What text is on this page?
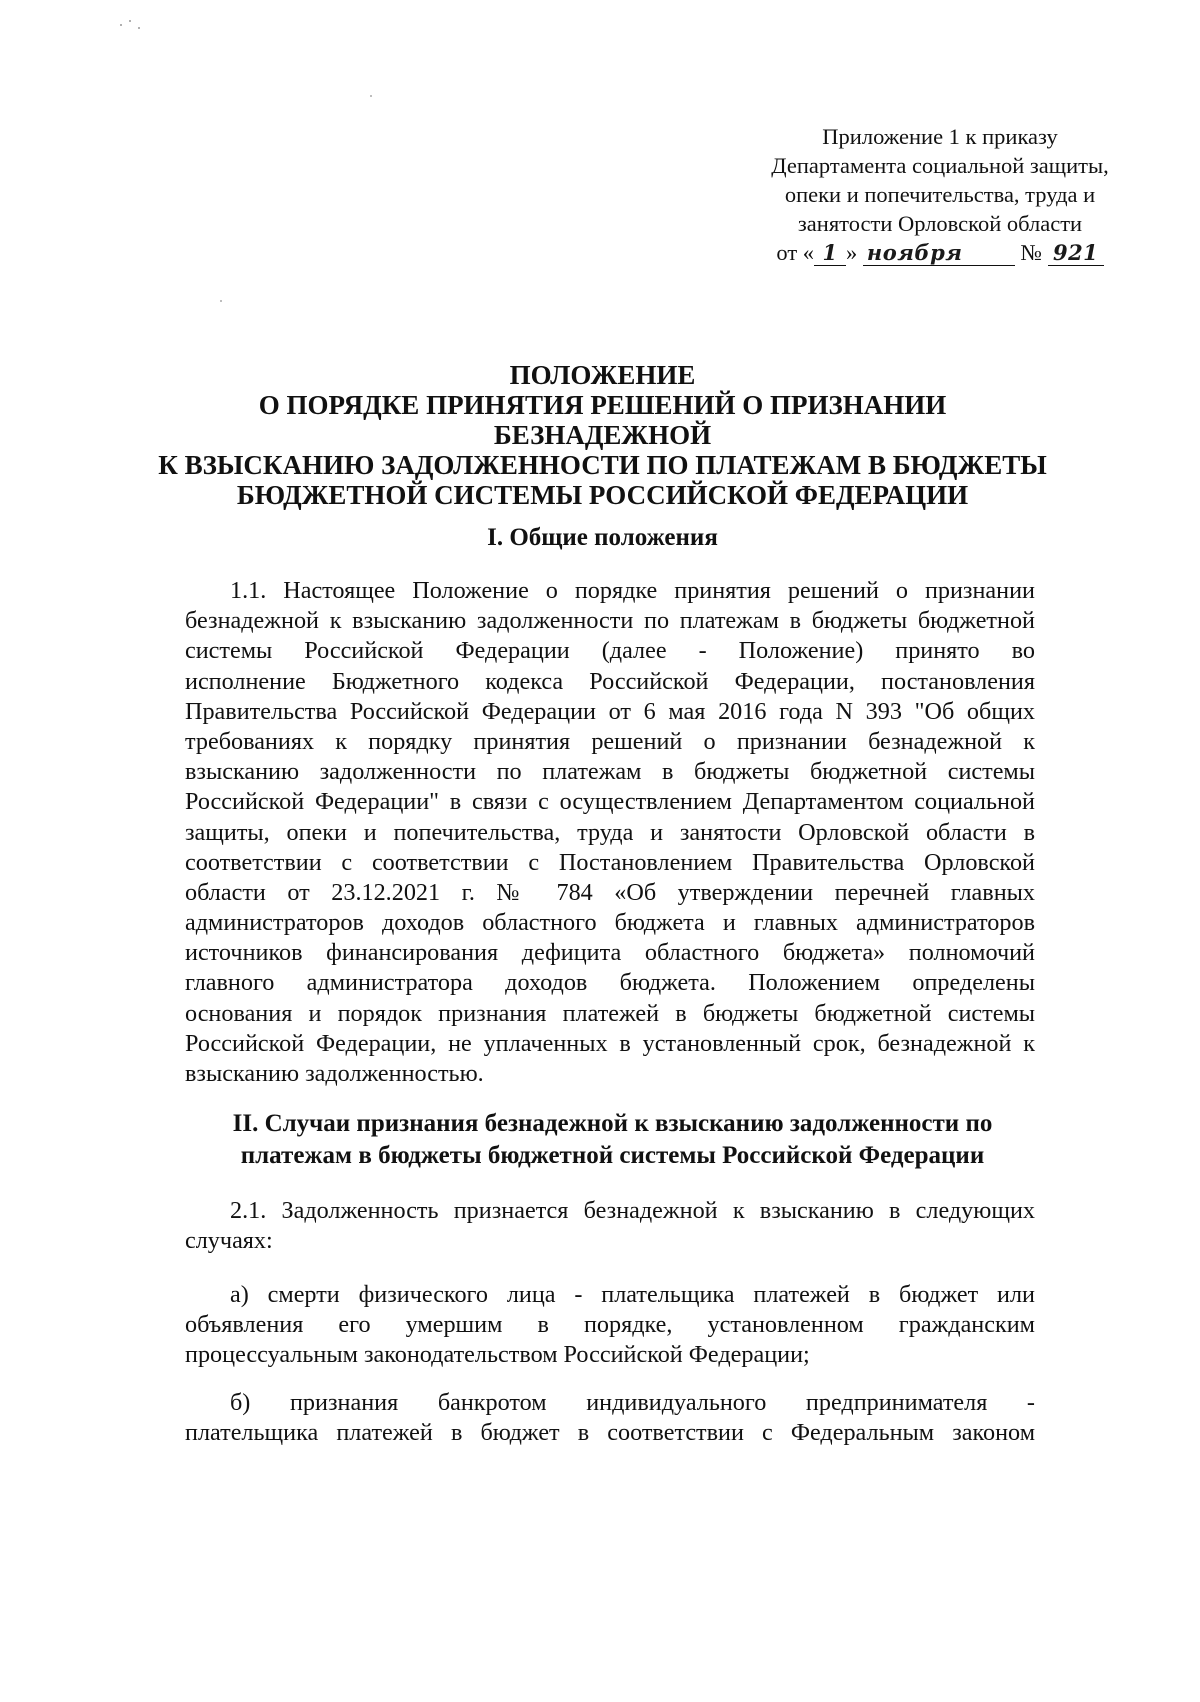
Приложение 1 к приказу
Департамента социальной защиты,
опеки и попечительства, труда и
занятости Орловской области
от « 1 » ноября	№ 921
ПОЛОЖЕНИЕ
О ПОРЯДКЕ ПРИНЯТИЯ РЕШЕНИЙ О ПРИЗНАНИИ
БЕЗНАДЕЖНОЙ
К ВЗЫСКАНИЮ ЗАДОЛЖЕННОСТИ ПО ПЛАТЕЖАМ В БЮДЖЕТЫ
БЮДЖЕТНОЙ СИСТЕМЫ РОССИЙСКОЙ ФЕДЕРАЦИИ
I. Общие положения
1.1. Настоящее Положение о порядке принятия решений о признании
безнадежной к взысканию задолженности по платежам в бюджеты бюджетной
системы Российской Федерации (далее - Положение) принято во
исполнение Бюджетного кодекса Российской Федерации, постановления
Правительства Российской Федерации от 6 мая 2016 года N 393 "Об общих
требованиях к порядку принятия решений о признании безнадежной к
взысканию задолженности по платежам в бюджеты бюджетной системы
Российской Федерации" в связи с осуществлением Департаментом социальной
защиты, опеки и попечительства, труда и занятости Орловской области в
соответствии с соответствии с Постановлением Правительства Орловской
области от 23.12.2021 г. № 784 «Об утверждении перечней главных
администраторов доходов областного бюджета и главных администраторов
источников финансирования дефицита областного бюджета» полномочий
главного администратора доходов бюджета. Положением определены
основания и порядок признания платежей в бюджеты бюджетной системы
Российской Федерации, не уплаченных в установленный срок, безнадежной к
взысканию задолженностью.
II. Случаи признания безнадежной к взысканию задолженности по
платежам в бюджеты бюджетной системы Российской Федерации
2.1. Задолженность признается безнадежной к взысканию в следующих
случаях:
а) смерти физического лица - плательщика платежей в бюджет или
объявления его умершим в порядке, установленном гражданским
процессуальным законодательством Российской Федерации;
б) признания банкротом индивидуального предпринимателя -
плательщика платежей в бюджет в соответствии с Федеральным законом
